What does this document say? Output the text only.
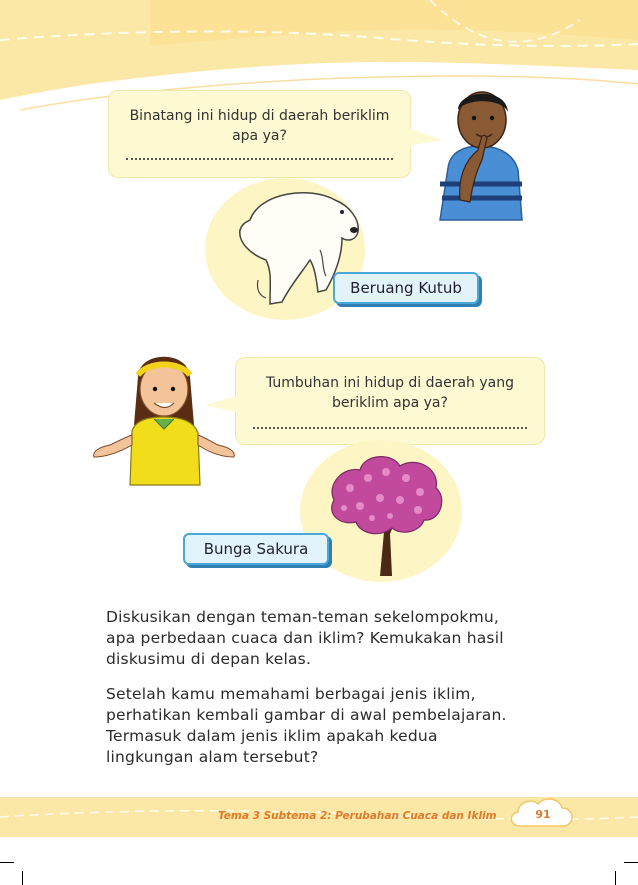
Binatang ini hidup di daerah beriklim
apa ya?
Beruang Kutub
Tumbuhan ini hidup di daerah yang
beriklim apa ya?
Bunga Sakura
Diskusikan dengan teman-teman sekelompokmu,
apa perbedaan cuaca dan iklim? Kemukakan hasil
diskusimu di depan kelas.
Setelah kamu memahami berbagai jenis iklim,
perhatikan kembali gambar di awal pembelajaran.
Termasuk dalam jenis iklim apakah kedua
lingkungan alam tersebut?
Tema 3 Subtema 2: Perubahan Cuaca dan Iklim	91
